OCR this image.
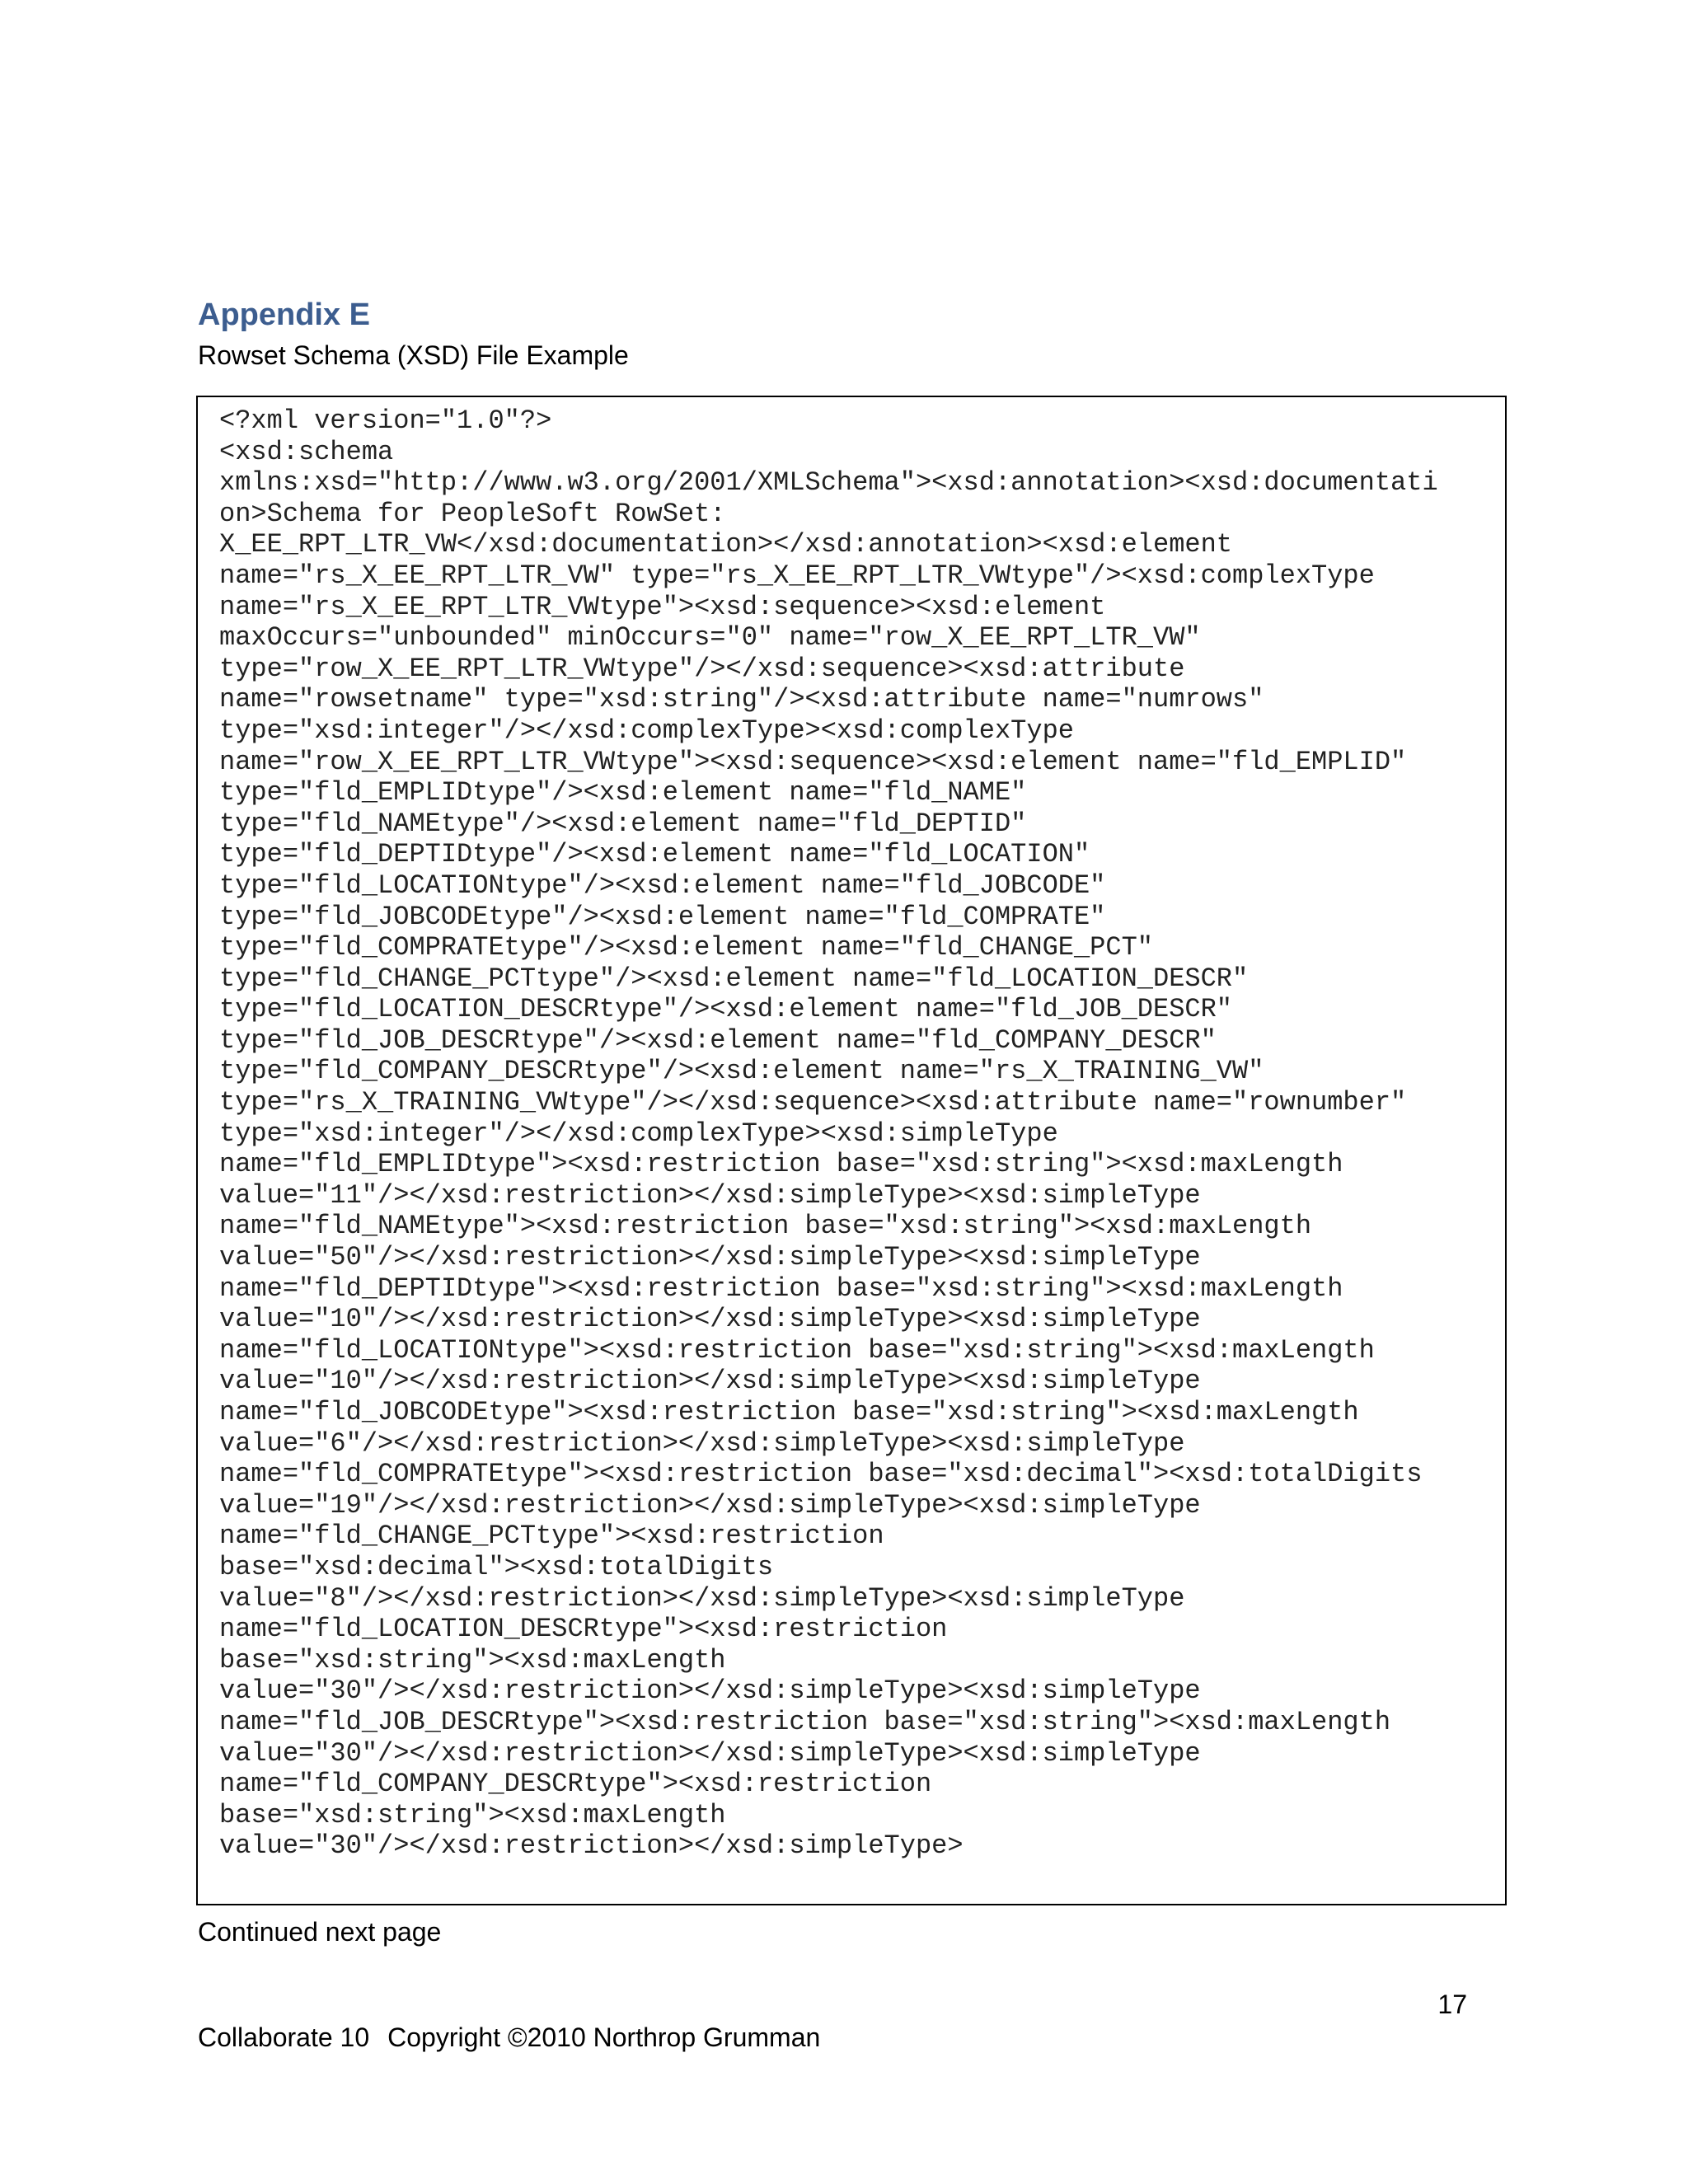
Appendix E

Rowset Schema (XSD) File Example

<?xml version="1.0"?>
<xsd:schema
xmlns:xsd="http://www.w3.org/2001/XMLSchema"><xsd:annotation><xsd:documentati
on>Schema for PeopleSoft RowSet:
X_EE_RPT_LTR_VW</xsd:documentation></xsd:annotation><xsd:element
name="rs_X_EE_RPT_LTR_VW" type="rs_X_EE_RPT_LTR_VWtype"/><xsd:complexType
name="rs_X_EE_RPT_LTR_VWtype"><xsd:sequence><xsd:element
maxOccurs="unbounded" minOccurs="0" name="row_X_EE_RPT_LTR_VW"
type="row_X_EE_RPT_LTR_VWtype"/></xsd:sequence><xsd:attribute
name="rowsetname" type="xsd:string"/><xsd:attribute name="numrows"
type="xsd:integer"/></xsd:complexType><xsd:complexType
name="row_X_EE_RPT_LTR_VWtype"><xsd:sequence><xsd:element name="fld_EMPLID"
type="fld_EMPLIDtype"/><xsd:element name="fld_NAME"
type="fld_NAMEtype"/><xsd:element name="fld_DEPTID"
type="fld_DEPTIDtype"/><xsd:element name="fld_LOCATION"
type="fld_LOCATIONtype"/><xsd:element name="fld_JOBCODE"
type="fld_JOBCODEtype"/><xsd:element name="fld_COMPRATE"
type="fld_COMPRATEtype"/><xsd:element name="fld_CHANGE_PCT"
type="fld_CHANGE_PCTtype"/><xsd:element name="fld_LOCATION_DESCR"
type="fld_LOCATION_DESCRtype"/><xsd:element name="fld_JOB_DESCR"
type="fld_JOB_DESCRtype"/><xsd:element name="fld_COMPANY_DESCR"
type="fld_COMPANY_DESCRtype"/><xsd:element name="rs_X_TRAINING_VW"
type="rs_X_TRAINING_VWtype"/></xsd:sequence><xsd:attribute name="rownumber"
type="xsd:integer"/></xsd:complexType><xsd:simpleType
name="fld_EMPLIDtype"><xsd:restriction base="xsd:string"><xsd:maxLength
value="11"/></xsd:restriction></xsd:simpleType><xsd:simpleType
name="fld_NAMEtype"><xsd:restriction base="xsd:string"><xsd:maxLength
value="50"/></xsd:restriction></xsd:simpleType><xsd:simpleType
name="fld_DEPTIDtype"><xsd:restriction base="xsd:string"><xsd:maxLength
value="10"/></xsd:restriction></xsd:simpleType><xsd:simpleType
name="fld_LOCATIONtype"><xsd:restriction base="xsd:string"><xsd:maxLength
value="10"/></xsd:restriction></xsd:simpleType><xsd:simpleType
name="fld_JOBCODEtype"><xsd:restriction base="xsd:string"><xsd:maxLength
value="6"/></xsd:restriction></xsd:simpleType><xsd:simpleType
name="fld_COMPRATEtype"><xsd:restriction base="xsd:decimal"><xsd:totalDigits
value="19"/></xsd:restriction></xsd:simpleType><xsd:simpleType
name="fld_CHANGE_PCTtype"><xsd:restriction
base="xsd:decimal"><xsd:totalDigits
value="8"/></xsd:restriction></xsd:simpleType><xsd:simpleType
name="fld_LOCATION_DESCRtype"><xsd:restriction
base="xsd:string"><xsd:maxLength
value="30"/></xsd:restriction></xsd:simpleType><xsd:simpleType
name="fld_JOB_DESCRtype"><xsd:restriction base="xsd:string"><xsd:maxLength
value="30"/></xsd:restriction></xsd:simpleType><xsd:simpleType
name="fld_COMPANY_DESCRtype"><xsd:restriction
base="xsd:string"><xsd:maxLength
value="30"/></xsd:restriction></xsd:simpleType>
Continued next page
17
Collaborate 10 Copyright ©2010 Northrop Grumman
